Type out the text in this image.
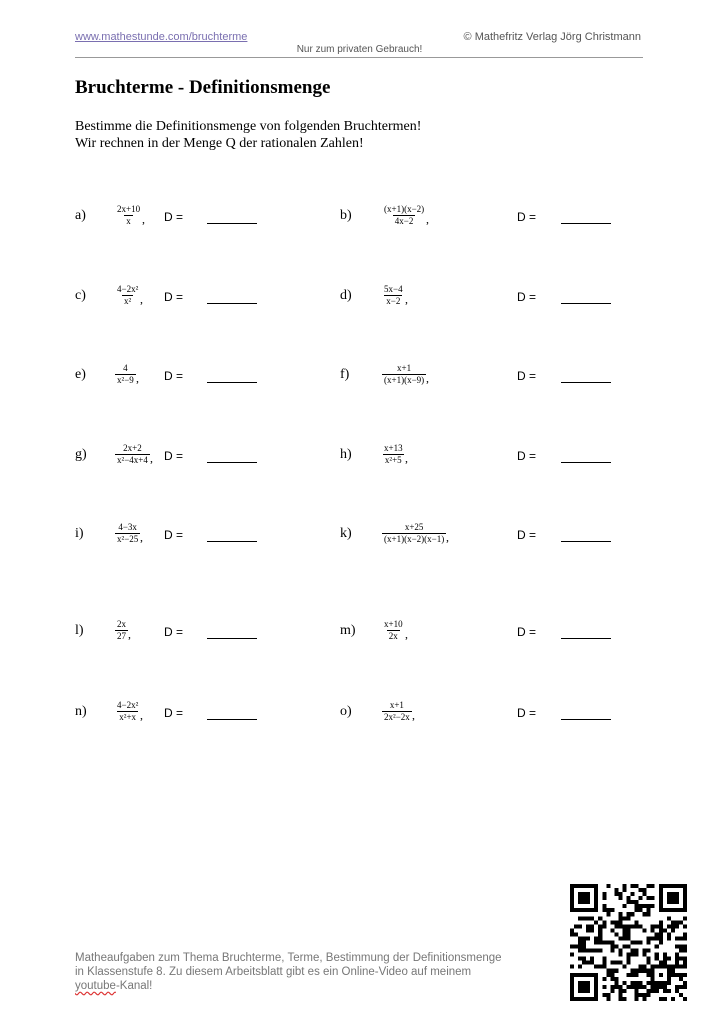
www.mathestunde.com/bruchterme	© Mathefritz Verlag Jörg Christmann
Nur zum privaten Gebrauch!
Bruchterme - Definitionsmenge
Bestimme die Definitionsmenge von folgenden Bruchtermen!
Wir rechnen in der Menge Q der rationalen Zahlen!
a)	$\frac{2x+10}{x}$ , D =	b)	$\frac{(x+1)(x-2)}{4x-2}$ ,	D =
c)	$\frac{\text{4−2x²}}{\text{x²}}$ , D =	d)	$\frac{5x-4}{x-2}$ ,	D =
e)	$\frac{4}{\text{x²−9}}$ , D =	f)	$\frac{x+1}{(x+1)(x-9)}$ ,	D =
g)	$\frac{2x+2}{\text{x²−4x+4}}$ , D =	h)	$\frac{x+13}{\text{x²+5}}$ ,	D =
i)	$\frac{4-3x}{\text{x²−25}}$ , D =	k)	$\frac{x+25}{(x+1)(x-2)(x-1)}$ ,	D =
l)	$\frac{2x}{27}$ ,	D =	m)	$\frac{x+10}{2x}$ ,	D =
n)	$\frac{\text{4−2x²}}{\text{x²+x}}$ , D =	o)	$\frac{x+1}{\text{2x²−2x}}$ ,	D =
Matheaufgaben zum Thema Bruchterme, Terme, Bestimmung der Definitionsmenge
in Klassenstufe 8. Zu diesem Arbeitsblatt gibt es ein Online-Video auf meinem
youtube-Kanal!
